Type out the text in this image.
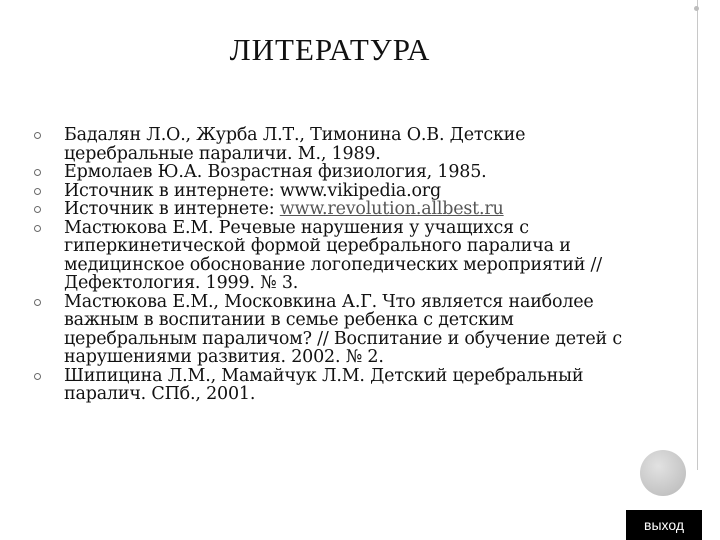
ЛИТЕРАТУРА
Бадалян Л.О., Журба Л.Т., Тимонина О.В. Детские церебральные параличи. М., 1989.
Ермолаев Ю.А. Возрастная физиология, 1985.
Источник в интернете: www.vikipedia.org
Источник в интернете: www.revolution.allbest.ru
Мастюкова Е.М. Речевые нарушения у учащихся с гиперкинетической формой церебрального паралича и медицинское обоснование логопедических мероприятий // Дефектология. 1999. № 3.
Мастюкова Е.М., Московкина А.Г. Что является наиболее важным в воспитании в семье ребенка с детским церебральным параличом? // Воспитание и обучение детей с нарушениями развития. 2002. № 2.
Шипицина Л.М., Мамайчук Л.М. Детский церебральный паралич. СПб., 2001.
выход
